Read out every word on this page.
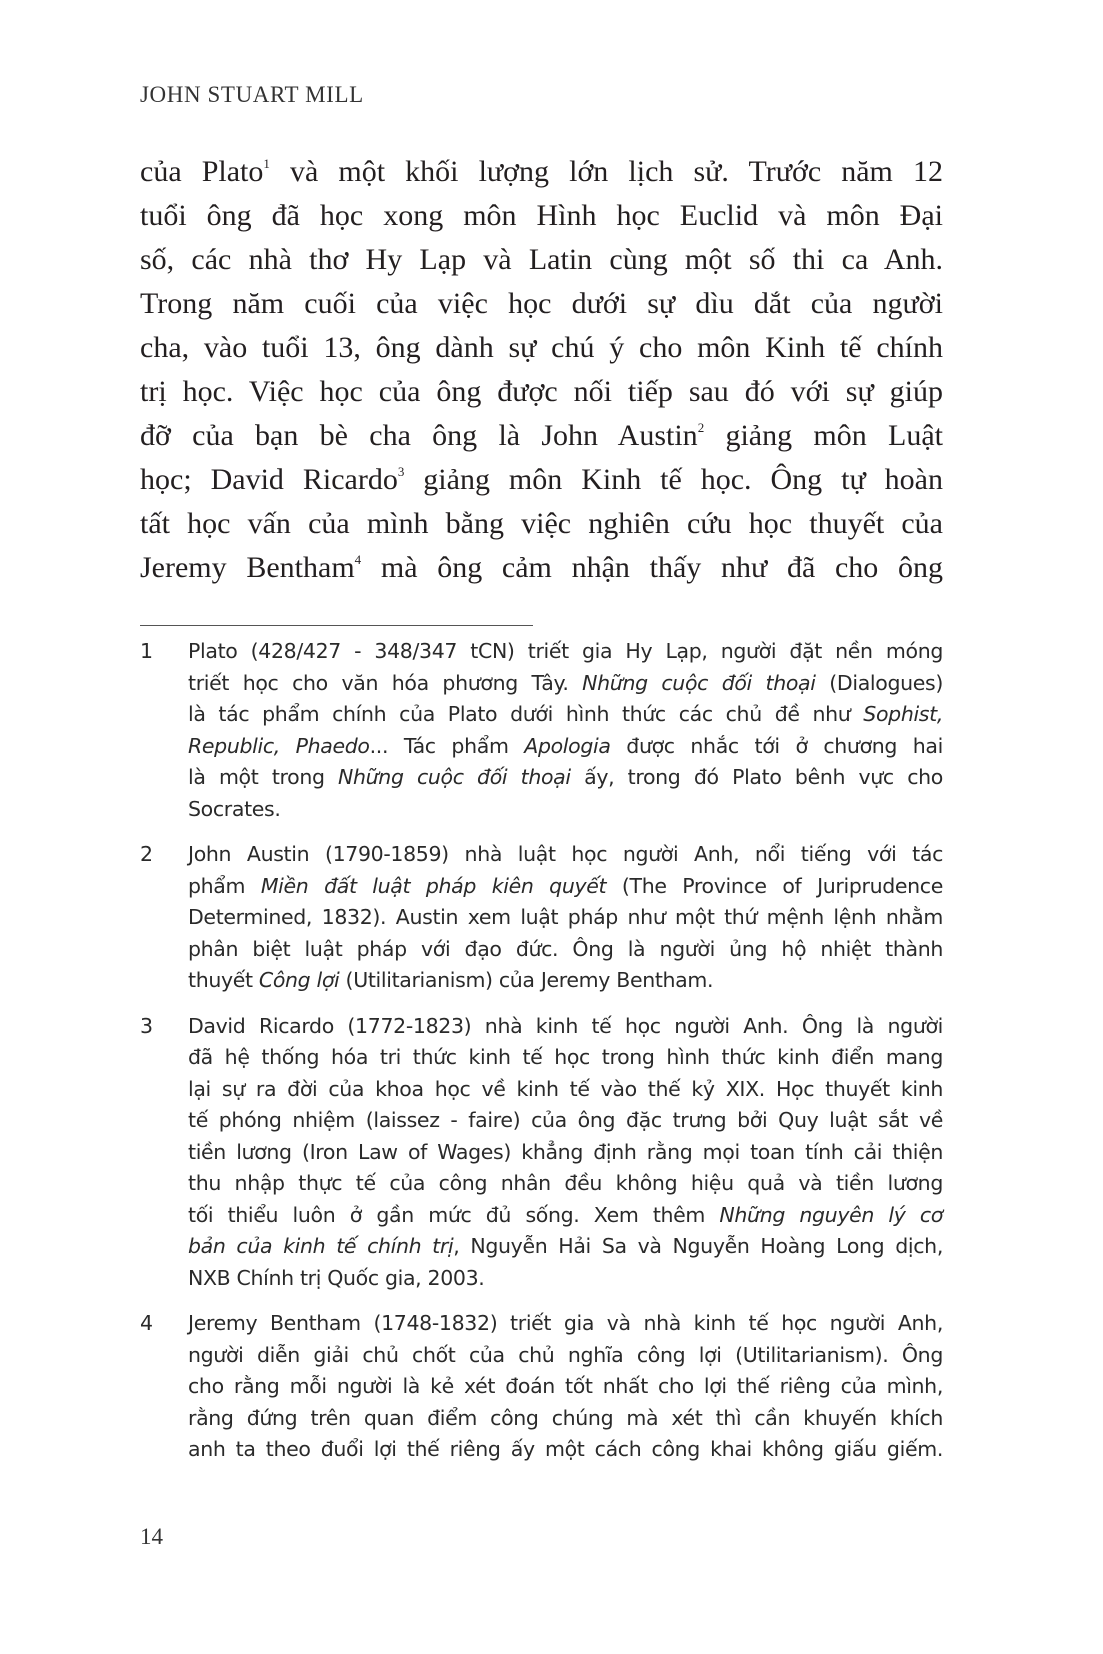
JOHN STUART MILL
của Plato$^1$ và một khối lượng lớn lịch sử. Trước năm 12
tuổi ông đã học xong môn Hình học Euclid và môn Đại
số, các nhà thơ Hy Lạp và Latin cùng một số thi ca Anh.
Trong năm cuối của việc học dưới sự dìu dắt của người
cha, vào tuổi 13, ông dành sự chú ý cho môn Kinh tế chính
trị học. Việc học của ông được nối tiếp sau đó với sự giúp
đỡ của bạn bè cha ông là John Austin$^2$ giảng môn Luật
học; David Ricardo$^3$ giảng môn Kinh tế học. Ông tự hoàn
tất học vấn của mình bằng việc nghiên cứu học thuyết của
Jeremy Bentham$^4$ mà ông cảm nhận thấy như đã cho ông
1 Plato (428/427 - 348/347 tCN) triết gia Hy Lạp, người đặt nền móng
triết học cho văn hóa phương Tây. Những cuộc đối thoại (Dialogues)
là tác phẩm chính của Plato dưới hình thức các chủ đề như Sophist,
Republic, Phaedo... Tác phẩm Apologia được nhắc tới ở chương hai
là một trong Những cuộc đối thoại ấy, trong đó Plato bênh vực cho
Socrates.
2 John Austin (1790-1859) nhà luật học người Anh, nổi tiếng với tác
phẩm Miền đất luật pháp kiên quyết (The Province of Juriprudence
Determined, 1832). Austin xem luật pháp như một thứ mệnh lệnh nhằm
phân biệt luật pháp với đạo đức. Ông là người ủng hộ nhiệt thành
thuyết Công lợi (Utilitarianism) của Jeremy Bentham.
3 David Ricardo (1772-1823) nhà kinh tế học người Anh. Ông là người
đã hệ thống hóa tri thức kinh tế học trong hình thức kinh điển mang
lại sự ra đời của khoa học về kinh tế vào thế kỷ XIX. Học thuyết kinh
tế phóng nhiệm (laissez - faire) của ông đặc trưng bởi Quy luật sắt về
tiền lương (Iron Law of Wages) khẳng định rằng mọi toan tính cải thiện
thu nhập thực tế của công nhân đều không hiệu quả và tiền lương
tối thiểu luôn ở gần mức đủ sống. Xem thêm Những nguyên lý cơ
bản của kinh tế chính trị, Nguyễn Hải Sa và Nguyễn Hoàng Long dịch,
NXB Chính trị Quốc gia, 2003.
4 Jeremy Bentham (1748-1832) triết gia và nhà kinh tế học người Anh,
người diễn giải chủ chốt của chủ nghĩa công lợi (Utilitarianism). Ông
cho rằng mỗi người là kẻ xét đoán tốt nhất cho lợi thế riêng của mình,
rằng đứng trên quan điểm công chúng mà xét thì cần khuyến khích
anh ta theo đuổi lợi thế riêng ấy một cách công khai không giấu giếm.
14
